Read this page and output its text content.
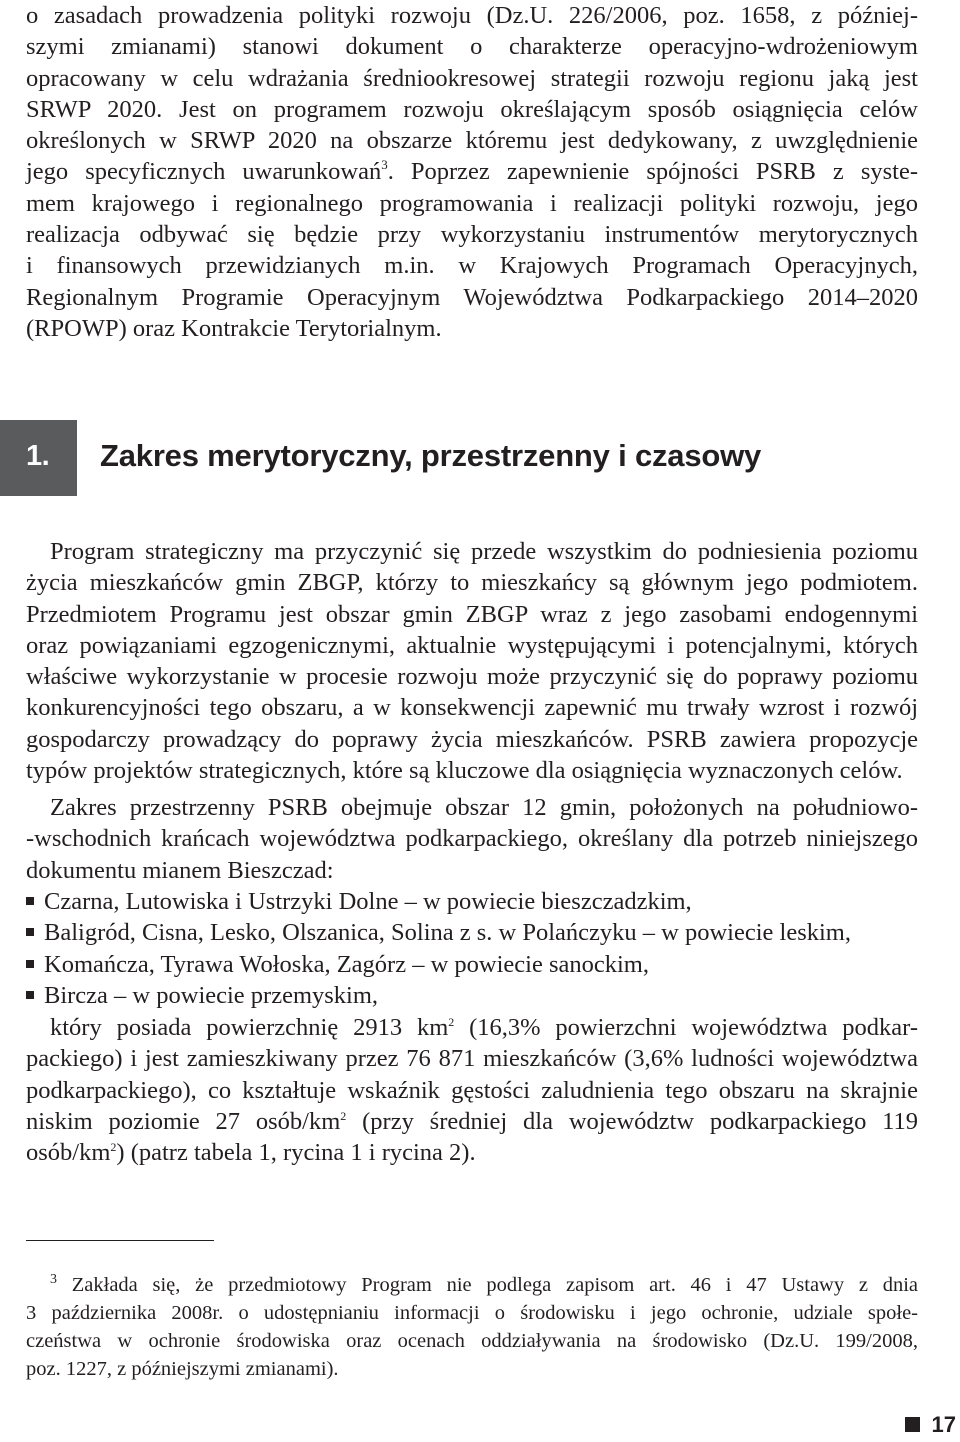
o zasadach prowadzenia polityki rozwoju (Dz.U. 226/2006, poz. 1658, z później-
szymi zmianami) stanowi dokument o charakterze operacyjno-wdrożeniowym
opracowany w celu wdrażania średniookresowej strategii rozwoju regionu jaką jest
SRWP 2020. Jest on programem rozwoju określającym sposób osiągnięcia celów
określonych w SRWP 2020 na obszarze któremu jest dedykowany, z uwzględnienie
jego specyficznych uwarunkowań$^3$. Poprzez zapewnienie spójności PSRB z syste-
mem krajowego i regionalnego programowania i realizacji polityki rozwoju, jego
realizacja odbywać się będzie przy wykorzystaniu instrumentów merytorycznych
i finansowych przewidzianych m.in. w Krajowych Programach Operacyjnych,
Regionalnym Programie Operacyjnym Województwa Podkarpackiego 2014–2020
(RPOWP) oraz Kontrakcie Terytorialnym.
1. Zakres merytoryczny, przestrzenny i czasowy
Program strategiczny ma przyczynić się przede wszystkim do podniesienia poziomu
życia mieszkańców gmin ZBGP, którzy to mieszkańcy są głównym jego podmiotem.
Przedmiotem Programu jest obszar gmin ZBGP wraz z jego zasobami endogennymi
oraz powiązaniami egzogenicznymi, aktualnie występującymi i potencjalnymi, których
właściwe wykorzystanie w procesie rozwoju może przyczynić się do poprawy poziomu
konkurencyjności tego obszaru, a w konsekwencji zapewnić mu trwały wzrost i rozwój
gospodarczy prowadzący do poprawy życia mieszkańców. PSRB zawiera propozycje
typów projektów strategicznych, które są kluczowe dla osiągnięcia wyznaczonych celów.
Zakres przestrzenny PSRB obejmuje obszar 12 gmin, położonych na południowo-
-wschodnich krańcach województwa podkarpackiego, określany dla potrzeb niniejszego
dokumentu mianem Bieszczad:
Czarna, Lutowiska i Ustrzyki Dolne – w powiecie bieszczadzkim,
Baligród, Cisna, Lesko, Olszanica, Solina z s. w Polańczyku – w powiecie leskim,
Komańcza, Tyrawa Wołoska, Zagórz – w powiecie sanockim,
Bircza – w powiecie przemyskim,
który posiada powierzchnię 2913 $km^2$ (16,3% powierzchni województwa podkar-
packiego) i jest zamieszkiwany przez 76 871 mieszkańców (3,6% ludności województwa
podkarpackiego), co kształtuje wskaźnik gęstości zaludnienia tego obszaru na skrajnie
niskim poziomie 27 osób/$km^2$ (przy średniej dla województw podkarpackiego 119
osób/$km^2$) (patrz tabela 1, rycina 1 i rycina 2).
$^3$ Zakłada się, że przedmiotowy Program nie podlega zapisom art. 46 i 47 Ustawy z dnia
3 października 2008r. o udostępnianiu informacji o środowisku i jego ochronie, udziale społe-
czeństwa w ochronie środowiska oraz ocenach oddziaływania na środowisko (Dz.U. 199/2008,
poz. 1227, z późniejszymi zmianami).
17
